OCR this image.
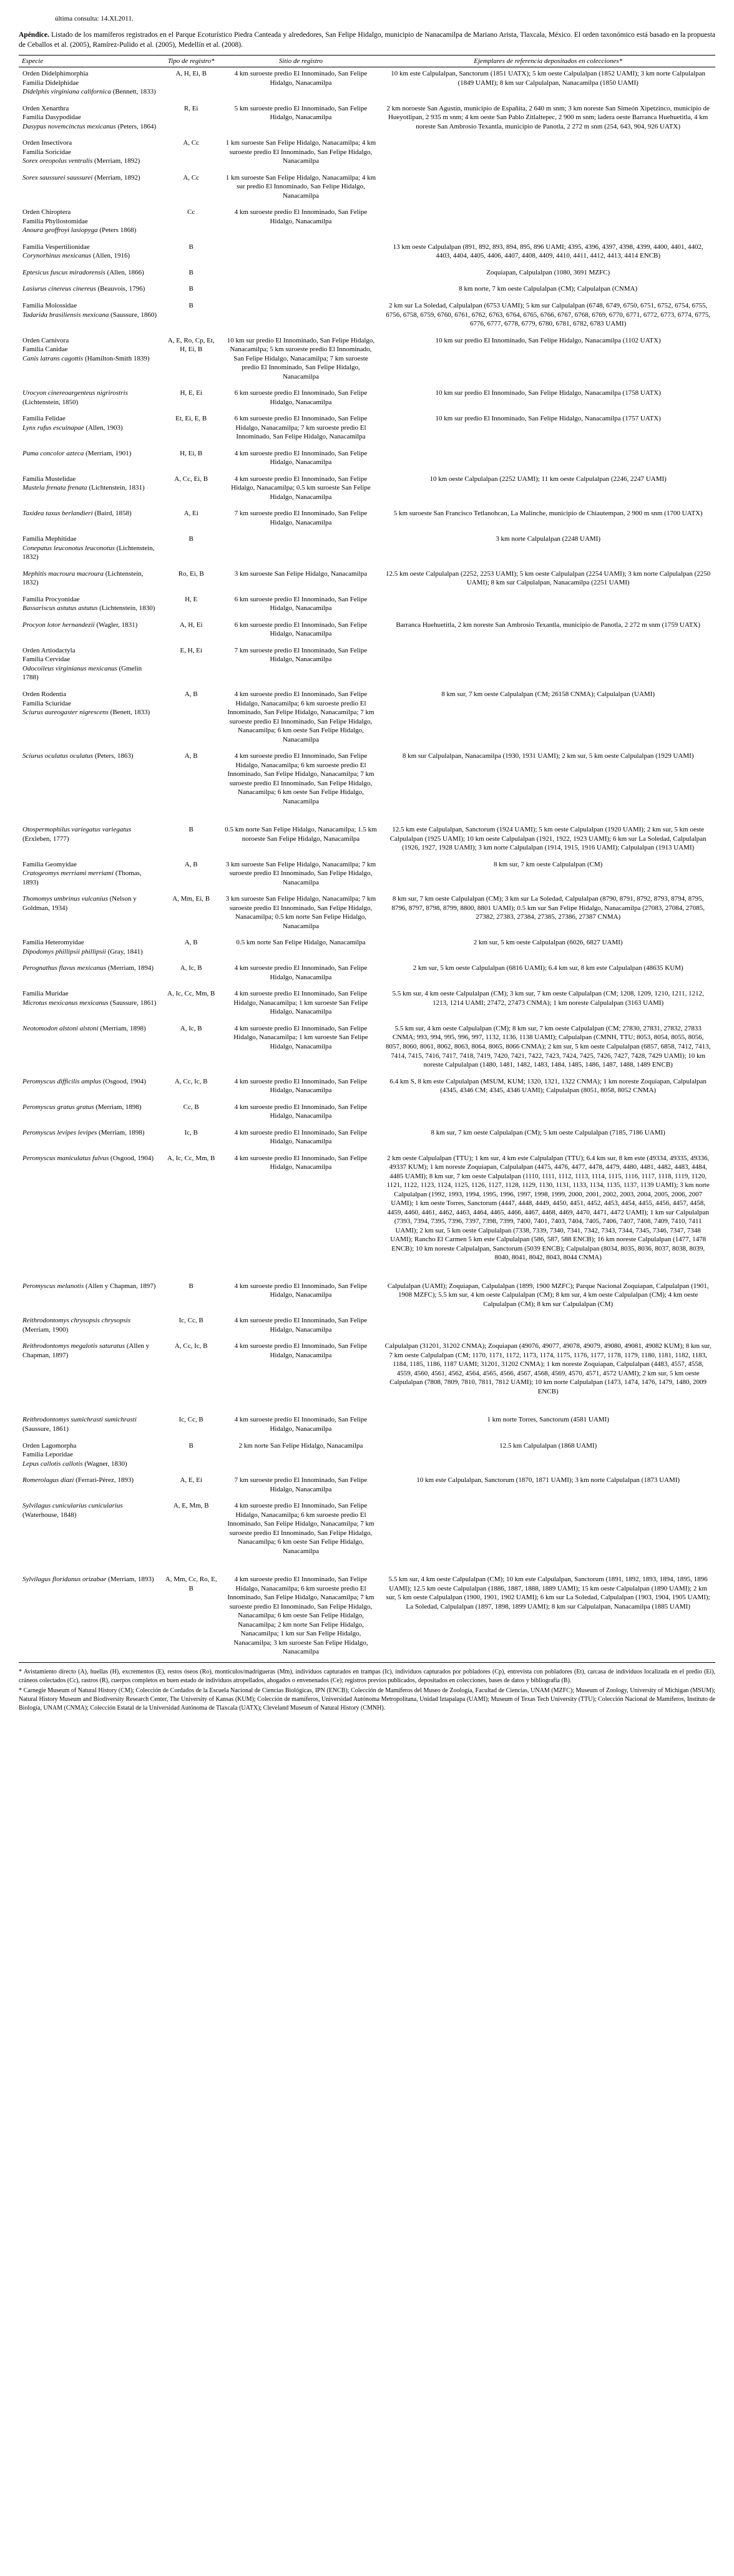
última consulta: 14.XI.2011.

Apéndice. Listado de los mamíferos registrados en el Parque Ecoturístico Piedra Canteada y alrededores, San Felipe Hidalgo, municipio de Nanacamilpa de Mariano Arista, Tlaxcala, México. El orden taxonómico está basado en la propuesta de Ceballos et al. (2005), Ramírez-Pulido et al. (2005), Medellín et al. (2008).

Especie	Tipo de registro*	Sitio de registro	Ejemplares de referencia depositados en colecciones*

Orden Didelphimorphia
Familia Didelphidae
Didelphis virginiana californica (Bennett, 1833)	A, H, Ei, B	4 km suroeste predio El Innominado, San Felipe Hidalgo, Nanacamilpa	10 km este Calpulalpan, Sanctorum (1851 UATX); 5 km oeste Calpulalpan (1852 UAMI); 3 km norte Calpulalpan (1849 UAMI); 8 km sur Calpulalpan, Nanacamilpa (1850 UAMI)

Orden Xenarthra
Familia Dasypodidae
Dasypus novemcinctus mexicanus (Peters, 1864)
	R, Ei	5 km suroeste predio El Innominado, San Felipe Hidalgo, Nanacamilpa	2 km noroeste San Agustín, municipio de Españita, 2 640 m snm; 3 km noreste San Simeón Xipetzinco, municipio de Hueyotlipan, 2 935 m snm; 4 km oeste San Pablo Zitlaltepec, 2 900 m snm; ladera oeste Barranca Huehuetitla, 4 km noreste San Ambrosio Texantla, municipio de Panotla, 2 272 m snm (254, 643, 904, 926 UATX)

Orden Insectivora
Familia Soricidae
Sorex oreopolus ventralis (Merriam, 1892)	A, Cc	1 km suroeste San Felipe Hidalgo, Nanacamilpa; 4 km suroeste predio El Innominado, San Felipe Hidalgo, Nanacamilpa	

Sorex saussurei saussurei (Merriam, 1892)	A, Cc	1 km suroeste San Felipe Hidalgo, Nanacamilpa; 4 km sur predio El Innominado, San Felipe Hidalgo, Nanacamilpa	

Orden Chiroptera
Familia Phyllostomidae
Anoura geoffroyi lasiopyga (Peters 1868)	Cc	4 km suroeste predio El Innominado, San Felipe Hidalgo, Nanacamilpa	

Familia Vespertilionidae
Corynorhinus mexicanus (Allen, 1916)	B		13 km oeste Calpulalpan (891, 892, 893, 894, 895, 896 UAMI; 4395, 4396, 4397, 4398, 4399, 4400, 4401, 4402, 4403, 4404, 4405, 4406, 4407, 4408, 4409, 4410, 4411, 4412, 4413, 4414 ENCB)

Eptesicus fuscus miradorensis (Allen, 1866)	B		Zoquiapan, Calpulalpan (1080, 3691 MZFC)

Lasiurus cinereus cinereus (Beauvois, 1796)	B		8 km norte, 7 km oeste Calpulalpan (CM); Calpulalpan (CNMA)

Familia Molossidae
Tadarida brasiliensis mexicana (Saussure, 1860)	B		2 km sur La Soledad, Calpulalpan (6753 UAMI); 5 km sur Calpulalpan (6748, 6749, 6750, 6751, 6752, 6754, 6755, 6756, 6758, 6759, 6760, 6761, 6762, 6763, 6764, 6765, 6766, 6767, 6768, 6769, 6770, 6771, 6772, 6773, 6774, 6775, 6776, 6777, 6778, 6779, 6780, 6781, 6782, 6783 UAMI)

Orden Carnivora
Familia Canidae
Canis latrans cagottis (Hamilton-Smith 1839)
	A, E, Ro, Cp, Et, H, Ei, B	10 km sur predio El Innominado, San Felipe Hidalgo, Nanacamilpa; 5 km suroeste predio El Innominado, San Felipe Hidalgo, Nanacamilpa; 7 km suroeste predio El Innominado, San Felipe Hidalgo, Nanacamilpa	10 km sur predio El Innominado, San Felipe Hidalgo, Nanacamilpa (1102 UATX)

Urocyon cinereoargenteus nigrirostris (Lichtenstein, 1850)	H, E, Ei	6 km suroeste predio El Innominado, San Felipe Hidalgo, Nanacamilpa	10 km sur predio El Innominado, San Felipe Hidalgo, Nanacamilpa (1758 UATX)

Familia Felidae
Lynx rufus escuinapae (Allen, 1903)	Et, Ei, E, B	6 km suroeste predio El Innominado, San Felipe Hidalgo, Nanacamilpa; 7 km suroeste predio El Innominado, San Felipe Hidalgo, Nanacamilpa	10 km sur predio El Innominado, San Felipe Hidalgo, Nanacamilpa (1757 UATX)

Puma concolor azteca (Merriam, 1901)	H, Ei, B	4 km suroeste predio El Innominado, San Felipe Hidalgo, Nanacamilpa	

Familia Mustelidae
Mustela frenata frenata (Lichtenstein, 1831)	A, Cc, Ei, B	4 km suroeste predio El Innominado, San Felipe Hidalgo, Nanacamilpa; 0.5 km suroeste San Felipe Hidalgo, Nanacamilpa	10 km oeste Calpulalpan (2252 UAMI); 11 km oeste Calpulalpan (2246, 2247 UAMI)

Taxidea taxus berlandieri (Baird, 1858)	A, Ei	7 km suroeste predio El Innominado, San Felipe Hidalgo, Nanacamilpa	5 km suroeste San Francisco Tetlanohcan, La Malinche, municipio de Chiautempan, 2 900 m snm (1700 UATX)

Familia Mephitidae
Conepatus leuconotus leuconotus (Lichtenstein, 1832)	B		3 km norte Calpulalpan (2248 UAMI)

Mephitis macroura macroura (Lichtenstein, 1832)	Ro, Ei, B	3 km suroeste San Felipe Hidalgo, Nanacamilpa	12.5 km oeste Calpulalpan (2252, 2253 UAMI); 5 km oeste Calpulalpan (2254 UAMI); 3 km norte Calpulalpan (2250 UAMI); 8 km sur Calpulalpan, Nanacamilpa (2251 UAMI)

Familia Procyonidae
Bassariscus astutus astutus (Lichtenstein, 1830)	H, E	6 km suroeste predio El Innominado, San Felipe Hidalgo, Nanacamilpa	

Procyon lotor hernandezii (Wagler, 1831)	A, H, Ei	6 km suroeste predio El Innominado, San Felipe Hidalgo, Nanacamilpa	Barranca Huehuetitla, 2 km noreste San Ambrosio Texantla, municipio de Panotla, 2 272 m snm (1759 UATX)

Orden Artiodactyla
Familia Cervidae
Odocoileus virginianus mexicanus (Gmelin 1788)	E, H, Ei	7 km suroeste predio El Innominado, San Felipe Hidalgo, Nanacamilpa	

Orden Rodentia
Familia Sciuridae
Sciurus aureogaster nigrescens (Benett, 1833)
	A, B	4 km suroeste predio El Innominado, San Felipe Hidalgo, Nanacamilpa; 6 km suroeste predio El Innominado, San Felipe Hidalgo, Nanacamilpa; 7 km suroeste predio El Innominado, San Felipe Hidalgo, Nanacamilpa; 6 km oeste San Felipe Hidalgo, Nanacamilpa	8 km sur, 7 km oeste Calpulalpan (CM; 26158 CNMA); Calpulalpan (UAMI)

Sciurus oculatus oculatus (Peters, 1863)	A, B	4 km suroeste predio El Innominado, San Felipe Hidalgo, Nanacamilpa; 6 km suroeste predio El Innominado, San Felipe Hidalgo, Nanacamilpa; 7 km suroeste predio El Innominado, San Felipe Hidalgo, Nanacamilpa; 6 km oeste San Felipe Hidalgo, Nanacamilpa	8 km sur Calpulalpan, Nanacamilpa (1930, 1931 UAMI); 2 km sur, 5 km oeste Calpulalpan (1929 UAMI)

Otospermophilus variegatus variegatus (Erxleben, 1777)	B	0.5 km norte San Felipe Hidalgo, Nanacamilpa; 1.5 km noroeste San Felipe Hidalgo, Nanacamilpa	12.5 km este Calpulalpan, Sanctorum (1924 UAMI); 5 km oeste Calpulalpan (1920 UAMI); 2 km sur, 5 km oeste Calpulalpan (1925 UAMI); 10 km oeste Calpulalpan (1921, 1922, 1923 UAMI); 6 km sur La Soledad, Calpulalpan (1926, 1927, 1928 UAMI); 3 km norte Calpulalpan (1914, 1915, 1916 UAMI); Calpulalpan (1913 UAMI)

Familia Geomyidae
Cratogeomys merriami merriami (Thomas, 1893)	A, B	3 km suroeste San Felipe Hidalgo, Nanacamilpa; 7 km suroeste predio El Innominado, San Felipe Hidalgo, Nanacamilpa	8 km sur, 7 km oeste Calpulalpan (CM)

Thomomys umbrinus vulcanius (Nelson y Goldman, 1934)	A, Mm, Ei, B	3 km suroeste San Felipe Hidalgo, Nanacamilpa; 7 km suroeste predio El Innominado, San Felipe Hidalgo, Nanacamilpa; 0.5 km norte San Felipe Hidalgo, Nanacamilpa	8 km sur, 7 km oeste Calpulalpan (CM); 3 km sur La Soledad, Calpulalpan (8790, 8791, 8792, 8793, 8794, 8795, 8796, 8797, 8798, 8799, 8800, 8801 UAMI); 0.5 km sur San Felipe Hidalgo, Nanacamilpa (27083, 27084, 27085, 27382, 27383, 27384, 27385, 27386, 27387 CNMA)

Familia Heteromyidae
Dipodomys phillipsii phillipsii (Gray, 1841)	A, B	0.5 km norte San Felipe Hidalgo, Nanacamilpa	2 km sur, 5 km oeste Calpulalpan (6026, 6827 UAMI)

Perognathus flavus mexicanus (Merriam, 1894)	A, Ic, B	4 km suroeste predio El Innominado, San Felipe Hidalgo, Nanacamilpa	2 km sur, 5 km oeste Calpulalpan (6816 UAMI); 6.4 km sur, 8 km este Calpulalpan (48635 KUM)

Familia Muridae
Microtus mexicanus mexicanus (Saussure, 1861)	A, Ic, Cc, Mm, B	4 km suroeste predio El Innominado, San Felipe Hidalgo, Nanacamilpa; 1 km suroeste San Felipe Hidalgo, Nanacamilpa	5.5 km sur, 4 km oeste Calpulalpan (CM); 3 km sur, 7 km oeste Calpulalpan (CM; 1208, 1209, 1210, 1211, 1212, 1213, 1214 UAMI; 27472, 27473 CNMA); 1 km noreste Calpulalpan (3163 UAMI)

Neotomodon alstoni alstoni (Merriam, 1898)	A, Ic, B	4 km suroeste predio El Innominado, San Felipe Hidalgo, Nanacamilpa; 1 km suroeste San Felipe Hidalgo, Nanacamilpa	5.5 km sur, 4 km oeste Calpulalpan (CM); 8 km sur, 7 km oeste Calpulalpan (CM; 27830, 27831, 27832, 27833 CNMA; 993, 994, 995, 996, 997, 1132, 1136, 1138 UAMI); Calpulalpan (CMNH, TTU; 8053, 8054, 8055, 8056, 8057, 8060, 8061, 8062, 8063, 8064, 8065, 8066 CNMA); 2 km sur, 5 km oeste Calpulalpan (6857, 6858, 7412, 7413, 7414, 7415, 7416, 7417, 7418, 7419, 7420, 7421, 7422, 7423, 7424, 7425, 7426, 7427, 7428, 7429 UAMI); 10 km noreste Calpulalpan (1480, 1481, 1482, 1483, 1484, 1485, 1486, 1487, 1488, 1489 ENCB)

Peromyscus difficilis amplus (Osgood, 1904)	A, Cc, Ic, B	4 km suroeste predio El Innominado, San Felipe Hidalgo, Nanacamilpa	6.4 km S, 8 km este Calpulalpan (MSUM, KUM; 1320, 1321, 1322 CNMA); 1 km noreste Zoquiapan, Calpulalpan (4345, 4346 CM; 4345, 4346 UAMI); Calpulalpan (8051, 8058, 8052 CNMA)

Peromyscus gratus gratus (Merriam, 1898)	Cc, B	4 km suroeste predio El Innominado, San Felipe Hidalgo, Nanacamilpa	

Peromyscus levipes levipes (Merriam, 1898)	Ic, B	4 km suroeste predio El Innominado, San Felipe Hidalgo, Nanacamilpa	8 km sur, 7 km oeste Calpulalpan (CM); 5 km oeste Calpulalpan (7185, 7186 UAMI)

Peromyscus maniculatus fulvus (Osgood, 1904)	A, Ic, Cc, Mm, B	4 km suroeste predio El Innominado, San Felipe Hidalgo, Nanacamilpa	2 km oeste Calpulalpan (TTU); 1 km sur, 4 km este Calpulalpan (TTU); 6.4 km sur, 8 km este (49334, 49335, 49336, 49337 KUM); 1 km noreste Zoquiapan, Calpulalpan (4475, 4476, 4477, 4478, 4479, 4480, 4481, 4482, 4483, 4484, 4485 UAMI); 8 km sur, 7 km oeste Calpulalpan (1110, 1111, 1112, 1113, 1114, 1115, 1116, 1117, 1118, 1119, 1120, 1121, 1122, 1123, 1124, 1125, 1126, 1127, 1128, 1129, 1130, 1131, 1133, 1134, 1135, 1137, 1139 UAMI); 3 km norte Calpulalpan (1992, 1993, 1994, 1995, 1996, 1997, 1998, 1999, 2000, 2001, 2002, 2003, 2004, 2005, 2006, 2007 UAMI); 1 km oeste Torres, Sanctorum (4447, 4448, 4449, 4450, 4451, 4452, 4453, 4454, 4455, 4456, 4457, 4458, 4459, 4460, 4461, 4462, 4463, 4464, 4465, 4466, 4467, 4468, 4469, 4470, 4471, 4472 UAMI); 1 km sur Calpulalpan (7393, 7394, 7395, 7396, 7397, 7398, 7399, 7400, 7401, 7403, 7404, 7405, 7406, 7407, 7408, 7409, 7410, 7411 UAMI); 2 km sur, 5 km oeste Calpulalpan (7338, 7339, 7340, 7341, 7342, 7343, 7344, 7345, 7346, 7347, 7348 UAMI); Rancho El Carmen 5 km este Calpulalpan (586, 587, 588 ENCB); 16 km noreste Calpulalpan (1477, 1478 ENCB); 10 km noreste Calpulalpan, Sanctorum (5039 ENCB); Calpulalpan (8034, 8035, 8036, 8037, 8038, 8039, 8040, 8041, 8042, 8043, 8044 CNMA)

Peromyscus melanotis (Allen y Chapman, 1897)	B	4 km suroeste predio El Innominado, San Felipe Hidalgo, Nanacamilpa	Calpulalpan (UAMI); Zoquiapan, Calpulalpan (1899, 1900 MZFC); Parque Nacional Zoquiapan, Calpulalpan (1901, 1908 MZFC); 5.5 km sur, 4 km oeste Calpulalpan (CM); 8 km sur, 4 km oeste Calpulalpan (CM); 4 km oeste Calpulalpan (CM); 8 km sur Calpulalpan (CM)

Reithrodontomys chrysopsis chrysopsis (Merriam, 1900)	Ic, Cc, B	4 km suroeste predio El Innominado, San Felipe Hidalgo, Nanacamilpa	

Reithrodontomys megalotis saturatus (Allen y Chapman, 1897)	A, Cc, Ic, B	4 km suroeste predio El Innominado, San Felipe Hidalgo, Nanacamilpa	Calpulalpan (31201, 31202 CNMA); Zoquiapan (49076, 49077, 49078, 49079, 49080, 49081, 49082 KUM); 8 km sur, 7 km oeste Calpulalpan (CM; 1170, 1171, 1172, 1173, 1174, 1175, 1176, 1177, 1178, 1179, 1180, 1181, 1182, 1183, 1184, 1185, 1186, 1187 UAMI; 31201, 31202 CNMA); 1 km noreste Zoquiapan, Calpulalpan (4483, 4557, 4558, 4559, 4560, 4561, 4562, 4564, 4565, 4566, 4567, 4568, 4569, 4570, 4571, 4572 UAMI); 2 km sur, 5 km oeste Calpulalpan (7808, 7809, 7810, 7811, 7812 UAMI); 10 km norte Calpulalpan (1473, 1474, 1476, 1479, 1480, 2009 ENCB)

Reithrodontomys sumichrasti sumichrasti (Saussure, 1861)	Ic, Cc, B	4 km suroeste predio El Innominado, San Felipe Hidalgo, Nanacamilpa	1 km norte Torres, Sanctorum (4581 UAMI)

Orden Lagomorpha
Familia Leporidae
Lepus callotis callotis (Wagner, 1830)	B	2 km norte San Felipe Hidalgo, Nanacamilpa	12.5 km Calpulalpan (1868 UAMI)

Romerolagus diazi (Ferrari-Pérez, 1893)	A, E, Ei	7 km suroeste predio El Innominado, San Felipe Hidalgo, Nanacamilpa	10 km este Calpulalpan, Sanctorum (1870, 1871 UAMI); 3 km norte Calpulalpan (1873 UAMI)

Sylvilagus cunicularius cunicularius (Waterhouse, 1848)	A, E, Mm, B	4 km suroeste predio El Innominado, San Felipe Hidalgo, Nanacamilpa; 6 km suroeste predio El Innominado, San Felipe Hidalgo, Nanacamilpa; 7 km suroeste predio El Innominado, San Felipe Hidalgo, Nanacamilpa; 6 km oeste San Felipe Hidalgo, Nanacamilpa	

Sylvilagus floridanus orizabae (Merriam, 1893)	A, Mm, Cc, Ro, E, B	4 km suroeste predio El Innominado, San Felipe Hidalgo, Nanacamilpa; 6 km suroeste predio El Innominado, San Felipe Hidalgo, Nanacamilpa; 7 km suroeste predio El Innominado, San Felipe Hidalgo, Nanacamilpa; 6 km oeste San Felipe Hidalgo, Nanacamilpa; 2 km norte San Felipe Hidalgo, Nanacamilpa; 1 km sur San Felipe Hidalgo, Nanacamilpa; 3 km suroeste San Felipe Hidalgo, Nanacamilpa	5.5 km sur, 4 km oeste Calpulalpan (CM); 10 km este Calpulalpan, Sanctorum (1891, 1892, 1893, 1894, 1895, 1896 UAMI); 12.5 km oeste Calpulalpan (1886, 1887, 1888, 1889 UAMI); 15 km oeste Calpulalpan (1890 UAMI); 2 km sur, 5 km oeste Calpulalpan (1900, 1901, 1902 UAMI); 6 km sur La Soledad, Calpulalpan (1903, 1904, 1905 UAMI); La Soledad, Calpulalpan (1897, 1898, 1899 UAMI); 8 km sur Calpulalpan, Nanacamilpa (1885 UAMI)

* Avistamiento directo (A), huellas (H), excrementos (E), restos óseos (Ro), montículos/madrigueras (Mm), individuos capturados en trampas (Ic), individuos capturados por pobladores (Cp), entrevista con pobladores (Et), carcasa de individuos localizada en el predio (Ei), cráneos colectados (Cc), rastros (R), cuerpos completos en buen estado de individuos atropellados, ahogados o envenenados (Ce); registros previos publicados, depositados en colecciones, bases de datos y bibliografía (B).

* Carnegie Museum of Natural History (CM); Colección de Cordados de la Escuela Nacional de Ciencias Biológicas, IPN (ENCB); Colección de Mamíferos del Museo de Zoología, Facultad de Ciencias, UNAM (MZFC); Museum of Zoology, University of Michigan (MSUM); Natural History Museum and Biodiversity Research Center, The University of Kansas (KUM); Colección de mamíferos, Universidad Autónoma Metropolitana, Unidad Iztapalapa (UAMI); Museum of Texas Tech University (TTU); Colección Nacional de Mamíferos, Instituto de Biología, UNAM (CNMA); Colección Estatal de la Universidad Autónoma de Tlaxcala (UATX); Cleveland Museum of Natural History (CMNH).
